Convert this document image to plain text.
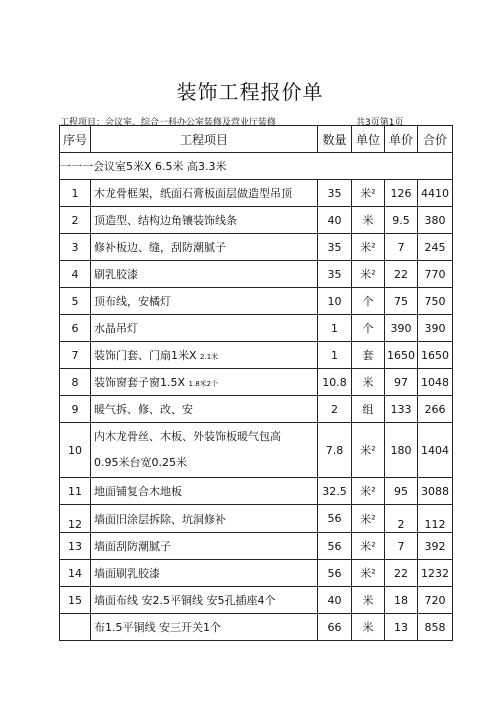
装饰工程报价单
工程项目：会议室、综合一科办公室装修及营业厅装修	共3页第1页
序号	工程项目	数量	单位	单价	合价
一一一会议室5米X 6.5米 高3.3米					
1	木龙骨框架，纸面石膏板面层做造型吊顶	35	米²	126	4410
2	顶造型、结构边角镶装饰线条	40	米	9.5	380
3	修补板边、缝，刮防潮腻子	35	米²	7	245
4	刷乳胶漆	35	米²	22	770
5	顶布线，安橘灯	10	个	75	750
6	水晶吊灯	1	个	390	390
7	装饰门套、门扇1米X 2.1米	1	套	1650	1650
8	装饰窗套子窗1.5X 1.8米2个	10.8	米	97	1048
9	暖气拆、修、改、安	2	组	133	266
10	内木龙骨丝、木板、外装饰板暖气包高
0.95米台宽0.25米	7.8	米²	180	1404
11	地面铺复合木地板	32.5	米²	95	3088
12	墙面旧涂层拆除、坑洞修补	56	米²	2	112
13	墙面刮防潮腻子	56	米²	7	392
14	墙面刷乳胶漆	56	米²	22	1232
15	墙面布线 安2.5平铜线 安5孔插座4个	40	米	18	720
	布1.5平铜线 安三开关1个	66	米	13	858
